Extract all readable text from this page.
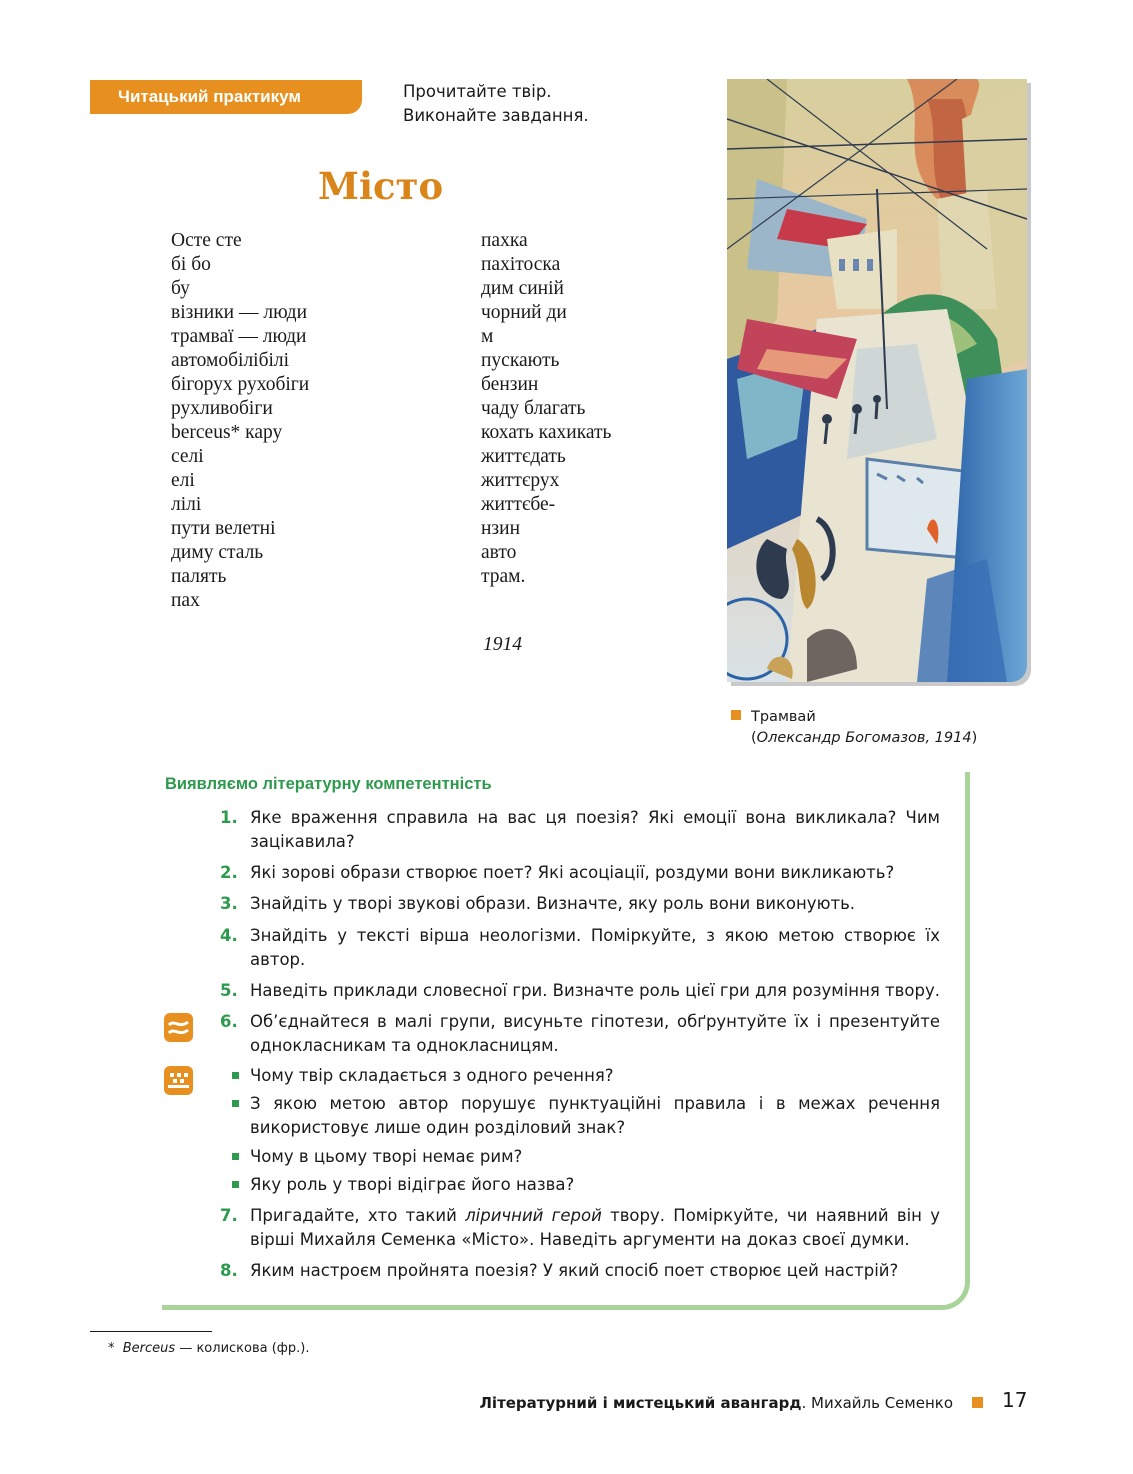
Читацький практикум	Прочитайте твір.
Виконайте завдання.
Місто
Осте сте
бі бо
бу
візники — люди
трамваї — люди
автомобілібілі
бігорух рухобіги
рухливобіги
berceus* кару
селі
елі
лілі
пути велетні
диму сталь
палять
пах
пахка
пахітоска
дим синій
чорний ди
м
пускають
бензин
чаду благать
кохать кахикать
життєдать
життєрух
життєбе-
нзин
авто
трам.
1914
Трамвай
(Олександр Богомазов, 1914)
Виявляємо літературну компетентність
1. Яке враження справила на вас ця поезія? Які емоції вона викликала? Чим зацікавила?
2. Які зорові образи створює поет? Які асоціації, роздуми вони викликають?
3. Знайдіть у творі звукові образи. Визначте, яку роль вони виконують.
4. Знайдіть у тексті вірша неологізми. Поміркуйте, з якою метою створює їх автор.
5. Наведіть приклади словесної гри. Визначте роль цієї гри для розуміння твору.
6. Об’єднайтеся в малі групи, висуньте гіпотези, обґрунтуйте їх і презентуйте однокласникам та однокласницям.
Чому твір складається з одного речення?
З якою метою автор порушує пунктуаційні правила і в межах речення використовує лише один розділовий знак?
Чому в цьому творі немає рим?
Яку роль у творі відіграє його назва?
7. Пригадайте, хто такий ліричний герой твору. Поміркуйте, чи наявний він у вірші Михайля Семенка «Місто». Наведіть аргументи на доказ своєї думки.
8. Яким настроєм пройнята поезія? У який спосіб поет створює цей настрій?
* Berceus — колискова (фр.).
Літературний і мистецький авангард. Михайль Семенко 17
